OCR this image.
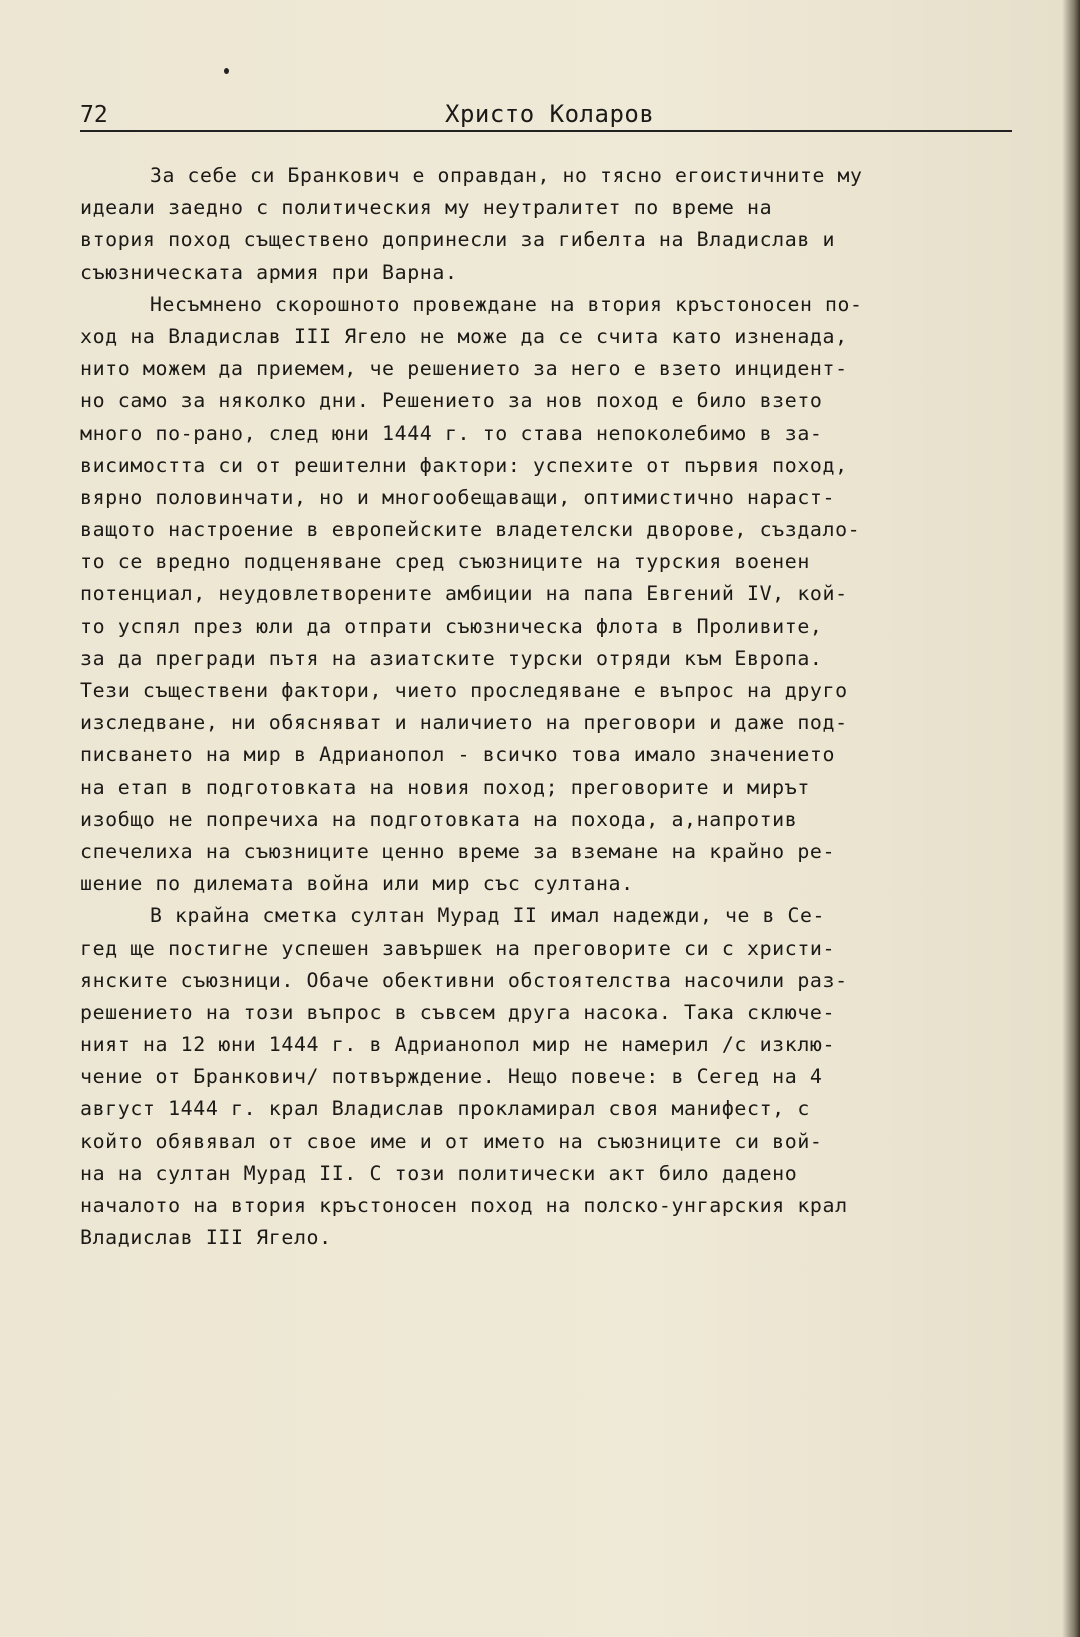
72	Христо Коларов
За себе си Бранкович е оправдан, но тясно егоистичните му
идеали заедно с политическия му неутралитет по време на
втория поход съществено допринесли за гибелта на Владислав и
съюзническата армия при Варна.
Несъмнено скорошното провеждане на втория кръстоносен по-
ход на Владислав III Ягело не може да се счита като изненада,
нито можем да приемем, че решението за него е взето инцидент-
но само за няколко дни. Решението за нов поход е било взето
много по-рано, след юни 1444 г. то става непоколебимо в за-
висимостта си от решителни фактори: успехите от първия поход,
вярно половинчати, но и многообещаващи, оптимистично нараст-
ващото настроение в европейските владетелски дворове, създало-
то се вредно подценяване сред съюзниците на турския военен
потенциал, неудовлетворените амбиции на папа Евгений IV, кой-
то успял през юли да отпрати съюзническа флота в Проливите,
за да прегради пътя на азиатските турски отряди към Европа.
Тези съществени фактори, чието проследяване е въпрос на друго
изследване, ни обясняват и наличието на преговори и даже под-
писването на мир в Адрианопол - всичко това имало значението
на етап в подготовката на новия поход; преговорите и мирът
изобщо не попречиха на подготовката на похода, а,напротив
спечелиха на съюзниците ценно време за вземане на крайно ре-
шение по дилемата война или мир със султана.
В крайна сметка султан Мурад II имал надежди, че в Се-
гед ще постигне успешен завършек на преговорите си с христи-
янските съюзници. Обаче обективни обстоятелства насочили раз-
решението на този въпрос в съвсем друга насока. Така сключе-
ният на 12 юни 1444 г. в Адрианопол мир не намерил /с изклю-
чение от Бранкович/ потвърждение. Нещо повече: в Сегед на 4
август 1444 г. крал Владислав прокламирал своя манифест, с
който обявявал от свое име и от името на съюзниците си вой-
на на султан Мурад II. С този политически акт било дадено
началото на втория кръстоносен поход на полско-унгарския крал
Владислав III Ягело.
